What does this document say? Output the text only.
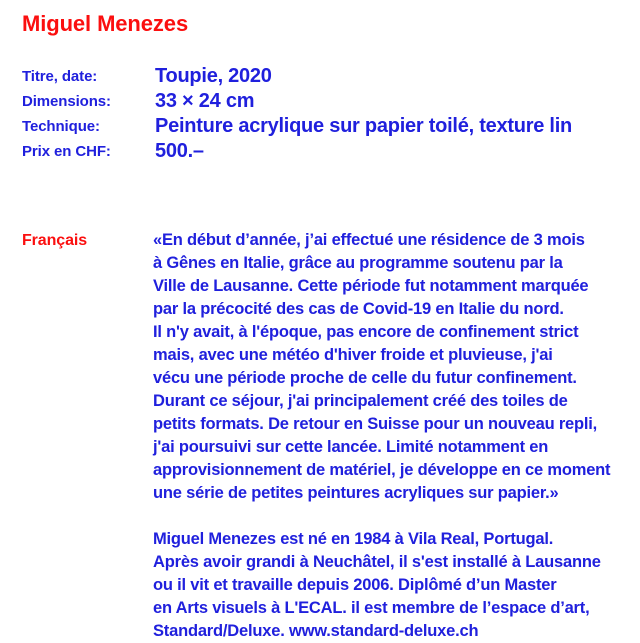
Miguel Menezes
Titre, date:	Toupie, 2020
Dimensions:	33 × 24 cm
Technique:	Peinture acrylique sur papier toilé, texture lin
Prix en CHF:	500.–
Français	«En début d’année, j’ai effectué une résidence de 3 mois
à Gênes en Italie, grâce au programme soutenu par la
Ville de Lausanne. Cette période fut notamment marquée
par la précocité des cas de Covid-19 en Italie du nord.
Il n'y avait, à l'époque, pas encore de confinement strict
mais, avec une météo d'hiver froide et pluvieuse, j'ai
vécu une période proche de celle du futur confinement.
Durant ce séjour, j'ai principalement créé des toiles de
petits formats. De retour en Suisse pour un nouveau repli,
j'ai poursuivi sur cette lancée. Limité notamment en
approvisionnement de matériel, je développe en ce moment
une série de petites peintures acryliques sur papier.»
Miguel Menezes est né en 1984 à Vila Real, Portugal.
Après avoir grandi à Neuchâtel, il s'est installé à Lausanne
ou il vit et travaille depuis 2006. Diplômé d’un Master
en Arts visuels à L'ECAL. il est membre de l’espace d’art,
Standard/Deluxe. www.standard-deluxe.ch
